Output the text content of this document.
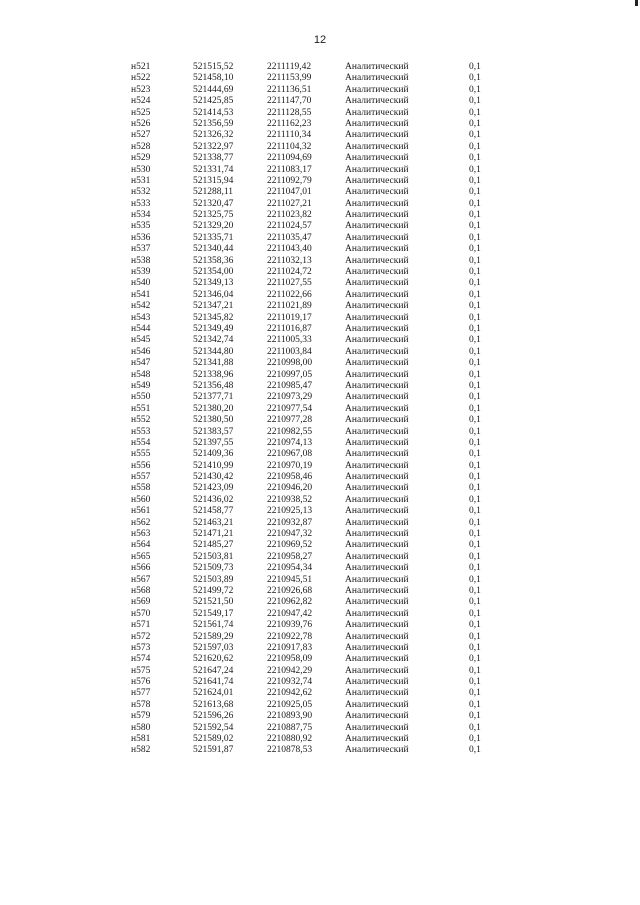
12
н521	521515,52	2211119,42	Аналитический	0,1
н522	521458,10	2211153,99	Аналитический	0,1
н523	521444,69	2211136,51	Аналитический	0,1
н524	521425,85	2211147,70	Аналитический	0,1
н525	521414,53	2211128,55	Аналитический	0,1
н526	521356,59	2211162,23	Аналитический	0,1
н527	521326,32	2211110,34	Аналитический	0,1
н528	521322,97	2211104,32	Аналитический	0,1
н529	521338,77	2211094,69	Аналитический	0,1
н530	521331,74	2211083,17	Аналитический	0,1
н531	521315,94	2211092,79	Аналитический	0,1
н532	521288,11	2211047,01	Аналитический	0,1
н533	521320,47	2211027,21	Аналитический	0,1
н534	521325,75	2211023,82	Аналитический	0,1
н535	521329,20	2211024,57	Аналитический	0,1
н536	521335,71	2211035,47	Аналитический	0,1
н537	521340,44	2211043,40	Аналитический	0,1
н538	521358,36	2211032,13	Аналитический	0,1
н539	521354,00	2211024,72	Аналитический	0,1
н540	521349,13	2211027,55	Аналитический	0,1
н541	521346,04	2211022,66	Аналитический	0,1
н542	521347,21	2211021,89	Аналитический	0,1
н543	521345,82	2211019,17	Аналитический	0,1
н544	521349,49	2211016,87	Аналитический	0,1
н545	521342,74	2211005,33	Аналитический	0,1
н546	521344,80	2211003,84	Аналитический	0,1
н547	521341,88	2210998,00	Аналитический	0,1
н548	521338,96	2210997,05	Аналитический	0,1
н549	521356,48	2210985,47	Аналитический	0,1
н550	521377,71	2210973,29	Аналитический	0,1
н551	521380,20	2210977,54	Аналитический	0,1
н552	521380,50	2210977,28	Аналитический	0,1
н553	521383,57	2210982,55	Аналитический	0,1
н554	521397,55	2210974,13	Аналитический	0,1
н555	521409,36	2210967,08	Аналитический	0,1
н556	521410,99	2210970,19	Аналитический	0,1
н557	521430,42	2210958,46	Аналитический	0,1
н558	521423,09	2210946,20	Аналитический	0,1
н560	521436,02	2210938,52	Аналитический	0,1
н561	521458,77	2210925,13	Аналитический	0,1
н562	521463,21	2210932,87	Аналитический	0,1
н563	521471,21	2210947,32	Аналитический	0,1
н564	521485,27	2210969,52	Аналитический	0,1
н565	521503,81	2210958,27	Аналитический	0,1
н566	521509,73	2210954,34	Аналитический	0,1
н567	521503,89	2210945,51	Аналитический	0,1
н568	521499,72	2210926,68	Аналитический	0,1
н569	521521,50	2210962,82	Аналитический	0,1
н570	521549,17	2210947,42	Аналитический	0,1
н571	521561,74	2210939,76	Аналитический	0,1
н572	521589,29	2210922,78	Аналитический	0,1
н573	521597,03	2210917,83	Аналитический	0,1
н574	521620,62	2210958,09	Аналитический	0,1
н575	521647,24	2210942,29	Аналитический	0,1
н576	521641,74	2210932,74	Аналитический	0,1
н577	521624,01	2210942,62	Аналитический	0,1
н578	521613,68	2210925,05	Аналитический	0,1
н579	521596,26	2210893,90	Аналитический	0,1
н580	521592,54	2210887,75	Аналитический	0,1
н581	521589,02	2210880,92	Аналитический	0,1
н582	521591,87	2210878,53	Аналитический	0,1
